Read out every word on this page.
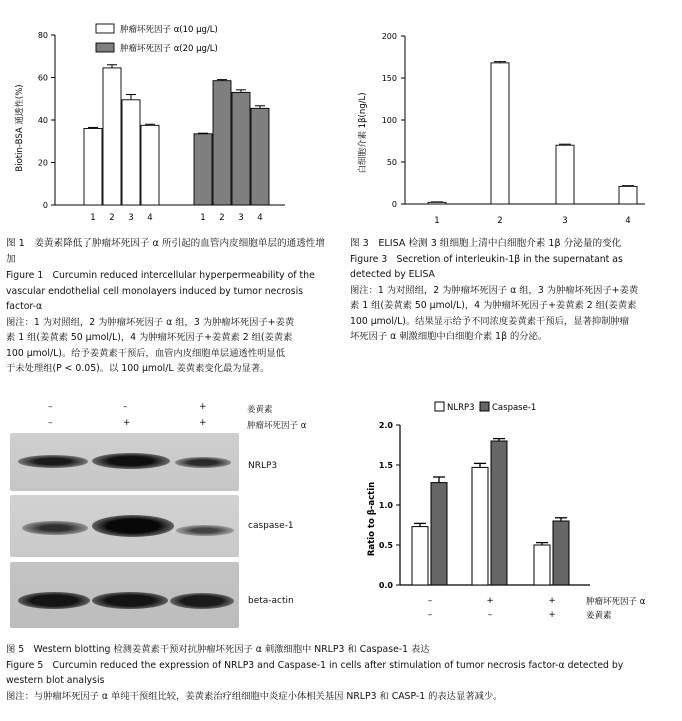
Biotin-BSA 通透性(%)
0
20
40
60
80
1 2 3 4	1 2 3 4
肿瘤坏死因子 α(10 μg/L)
肿瘤坏死因子 α(20 μg/L)
白细胞介素 1β(ng/L)
0
50
100
150
200
1	2	3	4

图 1　姜黄素降低了肿瘤坏死因子 α 所引起的血管内皮细胞单层的通透性增加

Figure 1　Curcumin reduced intercellular hyperpermeability of the

vascular endothelial cell monolayers induced by tumor necrosis

factor-α

图注：1 为对照组，2 为肿瘤坏死因子 α 组，3 为肿瘤坏死因子+姜黄

素 1 组(姜黄素 50 μmol/L)，4 为肿瘤坏死因子+姜黄素 2 组(姜黄素

100 μmol/L)。给予姜黄素干预后，血管内皮细胞单层通透性明显低

于未处理组(P < 0.05)。以 100 μmol/L 姜黄素变化最为显著。

图 3　ELISA 检测 3 组细胞上清中白细胞介素 1β 分泌量的变化

Figure 3　Secretion of interleukin-1β in the supernatant as

detected by ELISA

图注：1 为对照组，2 为肿瘤坏死因子 α 组，3 为肿瘤坏死因子+姜黄

素 1 组(姜黄素 50 μmol/L)，4 为肿瘤坏死因子+姜黄素 2 组(姜黄素

100 μmol/L)。结果显示给予不同浓度姜黄素干预后，显著抑制肿瘤

坏死因子 α 刺激细胞中白细胞介素 1β 的分泌。

–	–	+	姜黄素
–	+	+	肿瘤坏死因子 α
NRLP3
caspase-1
beta-actin
Ratio to β-actin
0.0
0.5
1.0
1.5
2.0
NLRP3 Caspase-1
–	+	+	肿瘤坏死因子 α
–	–	+	姜黄素

图 5　Western blotting 检测姜黄素干预对抗肿瘤坏死因子 α 刺激细胞中 NRLP3 和 Caspase-1 表达

Figure 5　Curcumin reduced the expression of NRLP3 and Caspase-1 in cells after stimulation of tumor necrosis factor-α detected by

western blot analysis

图注：与肿瘤坏死因子 α 单纯干预组比较，姜黄素治疗组细胞中炎症小体相关基因 NRLP3 和 CASP-1 的表达显著减少。
